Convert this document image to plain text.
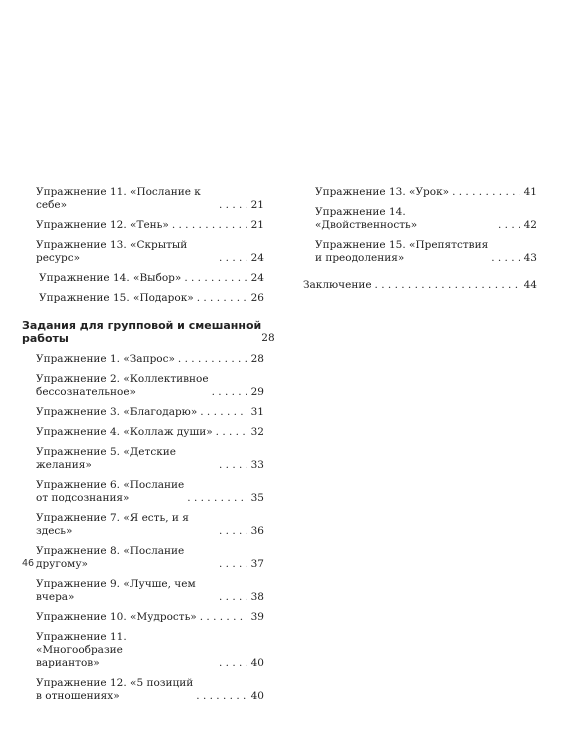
Упражнение 11. «Послание к себе» . . .	21
Упражнение 12. «Тень» . . .	21
Упражнение 13. «Скрытый ресурс» . . .	24
Упражнение 14. «Выбор» . . .	24
Упражнение 15. «Подарок» . . .	26
Задания для групповой и смешанной
работы	28
Упражнение 1. «Запрос» . . .	28
Упражнение 2. «Коллективное
бессознательное» . . .	29
Упражнение 3. «Благодарю» . . .	31
Упражнение 4. «Коллаж души» . . .	32
Упражнение 5. «Детские желания» . . .	33
Упражнение 6. «Послание
от подсознания» . . .	35
Упражнение 7. «Я есть, и я здесь» . . .	36
Упражнение 8. «Послание другому» . . .	37
Упражнение 9. «Лучше, чем вчера» . . .	38
Упражнение 10. «Мудрость» . . .	39
Упражнение 11. «Многообразие
вариантов» . . .	40
Упражнение 12. «5 позиций
в отношениях» . . .	40
Упражнение 13. «Урок» . . .	41
Упражнение 14. «Двойственность» . . .	42
Упражнение 15. «Препятствия
и преодоления» . . .	43
Заключение . . .	44
46
